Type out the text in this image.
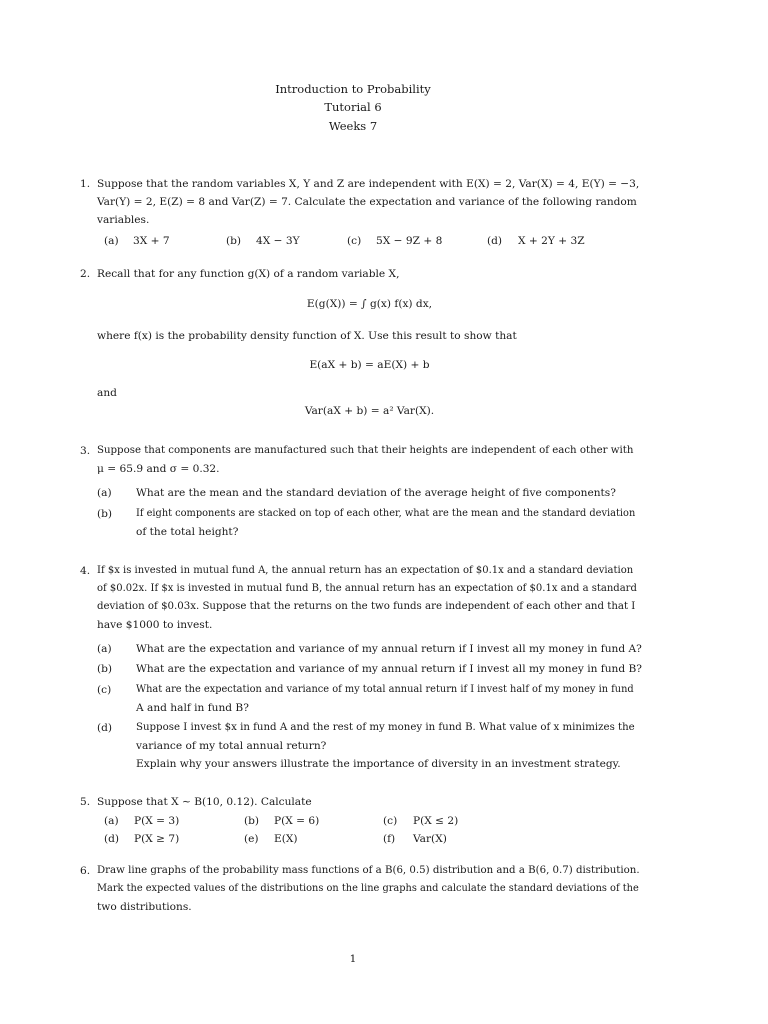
Introduction to Probability
Tutorial 6
Weeks 7
1. Suppose that the random variables X, Y and Z are independent with E(X) = 2, Var(X) = 4, E(Y) = −3,
Var(Y) = 2, E(Z) = 8 and Var(Z) = 7. Calculate the expectation and variance of the following random
variables.
(a) 3X + 7	(b) 4X − 3Y	(c) 5X − 9Z + 8	(d) X + 2Y + 3Z
2. Recall that for any function g(X) of a random variable X,
E(g(X)) = ∫ g(x) f(x) dx,
where f(x) is the probability density function of X. Use this result to show that
E(aX + b) = aE(X) + b
and
Var(aX + b) = a² Var(X).
3. Suppose that components are manufactured such that their heights are independent of each other with
μ = 65.9 and σ = 0.32.
(a) What are the mean and the standard deviation of the average height of five components?
(b) If eight components are stacked on top of each other, what are the mean and the standard deviation
of the total height?
4. If $x is invested in mutual fund A, the annual return has an expectation of $0.1x and a standard deviation
of $0.02x. If $x is invested in mutual fund B, the annual return has an expectation of $0.1x and a standard
deviation of $0.03x. Suppose that the returns on the two funds are independent of each other and that I
have $1000 to invest.
(a) What are the expectation and variance of my annual return if I invest all my money in fund A?
(b) What are the expectation and variance of my annual return if I invest all my money in fund B?
(c)	What are the expectation and variance of my total annual return if I invest half of my money in fund
A and half in fund B?
(d) Suppose I invest $x in fund A and the rest of my money in fund B. What value of x minimizes the
variance of my total annual return?
Explain why your answers illustrate the importance of diversity in an investment strategy.
5. Suppose that X ∼ B(10, 0.12). Calculate
(a) P(X = 3)	(b) P(X = 6)	(c) P(X ≤ 2)
(d) P(X ≥ 7)	(e) E(X)	(f) Var(X)
6. Draw line graphs of the probability mass functions of a B(6, 0.5) distribution and a B(6, 0.7) distribution.
Mark the expected values of the distributions on the line graphs and calculate the standard deviations of the
two distributions.
1
